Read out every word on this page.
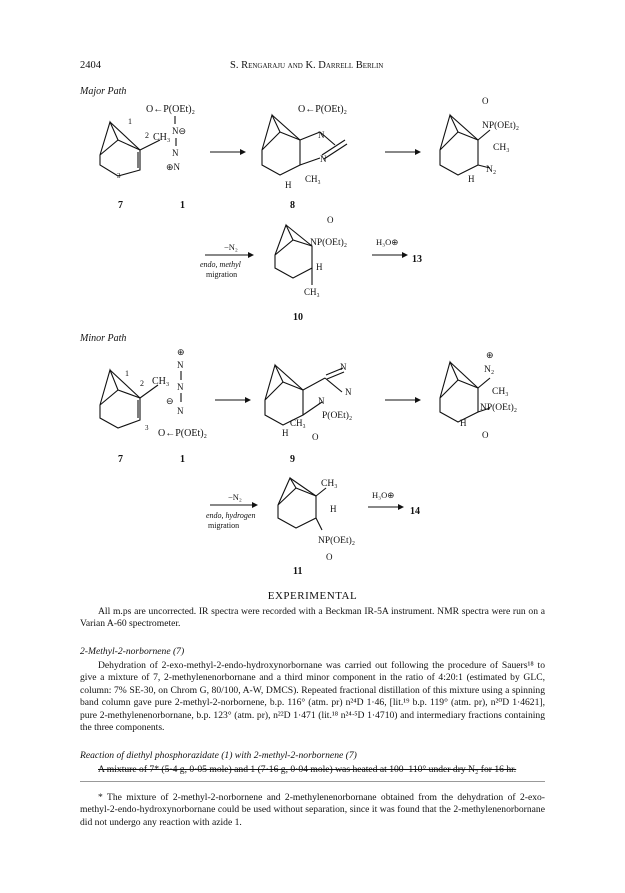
2404	S. Rengaraju and K. Darrell Berlin
Major Path
Minor Path
1
2
3
CH₃
7
O←P(OEt)₂
N⊖
N
⊕N
1
O←P(OEt)₂
N
N
CH₃
H
8
O
NP(OEt)₂
CH₃
N₂
H
−N₂
endo, methyl
migration
O
NP(OEt)₂
H
CH₃
10
H₃O⊕
13
1
2
3
CH₃
7
⊕
N
N
⊖
N
O←P(OEt)₂
1
N
N
N
P(OEt)₂
CH₃
H	O
9
⊕
N₂
CH₃
NP(OEt)₂
H
O
−N₂
endo, hydrogen
migration
CH₃
H
NP(OEt)₂
O
H₃O⊕
14
11
EXPERIMENTAL
All m.ps are uncorrected. IR spectra were recorded with a Beckman IR-5A instrument. NMR spectra were run on a Varian A-60 spectrometer.
2-Methyl-2-norbornene (7)
Dehydration of 2-exo-methyl-2-endo-hydroxynorbornane was carried out following the procedure of Sauers¹⁸ to give a mixture of 7, 2-methylenenorbornane and a third minor component in the ratio of 4:20:1 (estimated by GLC, column: 7% SE-30, on Chrom G, 80/100, A-W, DMCS). Repeated fractional distillation of this mixture using a spinning band column gave pure 2-methyl-2-norbornene, b.p. 116° (atm. pr) n²⁴D 1·46, [lit.¹⁹ b.p. 119° (atm. pr), n²⁰D 1·4621], pure 2-methylenenorbornane, b.p. 123° (atm. pr), n²²D 1·471 (lit.¹⁸ n²⁴ᐧ⁵D 1·4710) and intermediary fractions containing the three components.
Reaction of diethyl phosphorazidate (1) with 2-methyl-2-norbornene (7)
A mixture of 7* (5·4 g, 0·05 mole) and 1 (7·16 g, 0·04 mole) was heated at 100–110° under dry N₂ for 16 hr.
* The mixture of 2-methyl-2-norbornene and 2-methylenenorbornane obtained from the dehydration of 2-exo-methyl-2-endo-hydroxynorbornane could be used without separation, since it was found that the 2-methylenenorbornane did not undergo any reaction with azide 1.
